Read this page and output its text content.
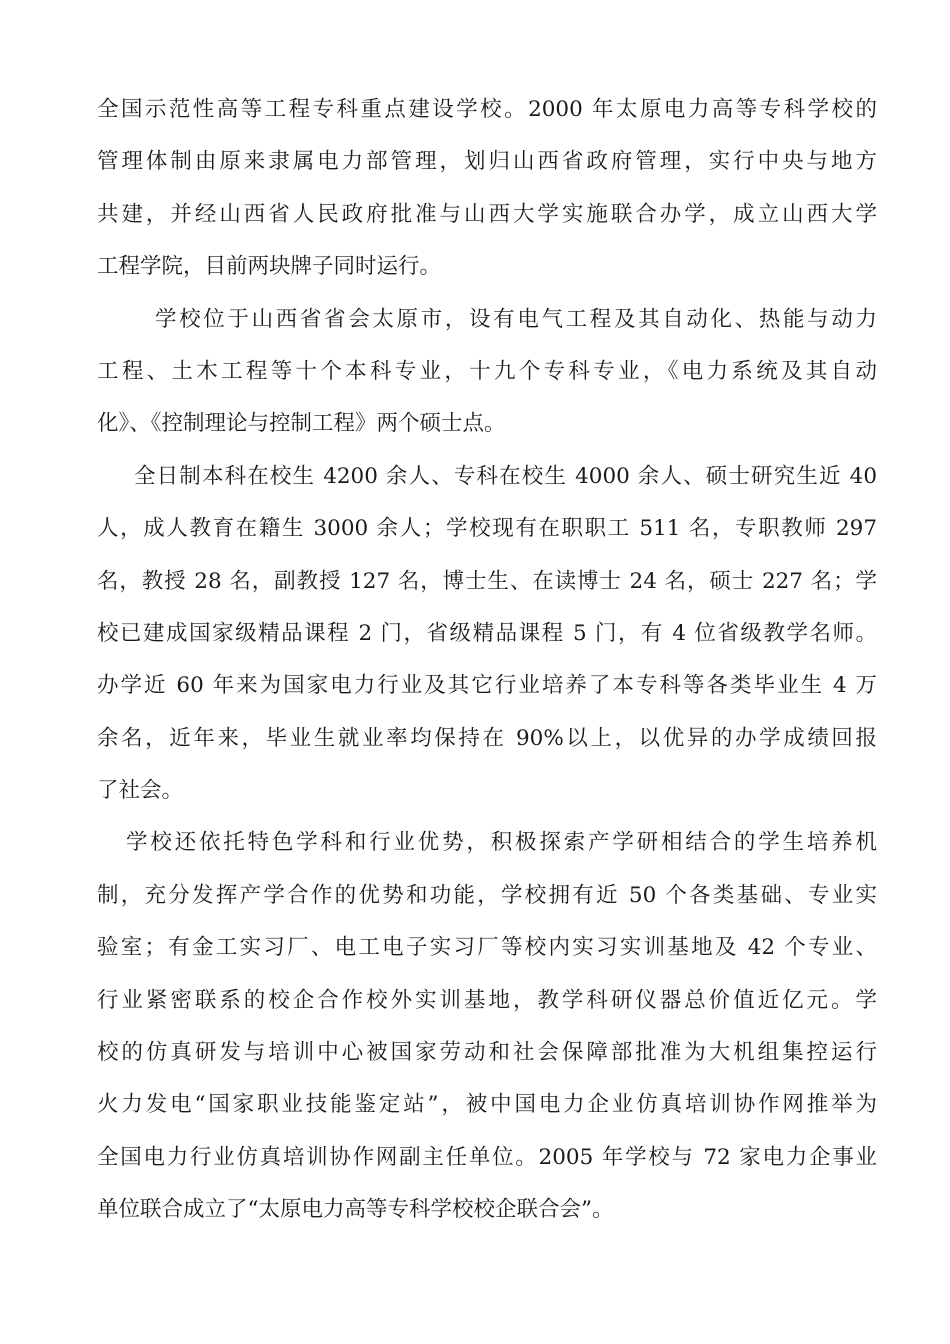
全国示范性高等工程专科重点建设学校。2000 年太原电力高等专科学校的
管理体制由原来隶属电力部管理，划归山西省政府管理，实行中央与地方
共建，并经山西省人民政府批准与山西大学实施联合办学，成立山西大学
工程学院，目前两块牌子同时运行。
学校位于山西省省会太原市，设有电气工程及其自动化、热能与动力
工程、土木工程等十个本科专业，十九个专科专业，《电力系统及其自动
化》、《控制理论与控制工程》两个硕士点。
全日制本科在校生 4200 余人、专科在校生 4000 余人、硕士研究生近 40
人，成人教育在籍生 3000 余人；学校现有在职职工 511 名，专职教师 297
名，教授 28 名，副教授 127 名，博士生、在读博士 24 名，硕士 227 名；学
校已建成国家级精品课程 2 门，省级精品课程 5 门，有 4 位省级教学名师。
办学近 60 年来为国家电力行业及其它行业培养了本专科等各类毕业生 4 万
余名，近年来，毕业生就业率均保持在 90%以上，以优异的办学成绩回报
了社会。
学校还依托特色学科和行业优势，积极探索产学研相结合的学生培养机
制，充分发挥产学合作的优势和功能，学校拥有近 50 个各类基础、专业实
验室；有金工实习厂、电工电子实习厂等校内实习实训基地及 42 个专业、
行业紧密联系的校企合作校外实训基地，教学科研仪器总价值近亿元。学
校的仿真研发与培训中心被国家劳动和社会保障部批准为大机组集控运行
火力发电“国家职业技能鉴定站”，被中国电力企业仿真培训协作网推举为
全国电力行业仿真培训协作网副主任单位。2005 年学校与 72 家电力企事业
单位联合成立了“太原电力高等专科学校校企联合会”。
